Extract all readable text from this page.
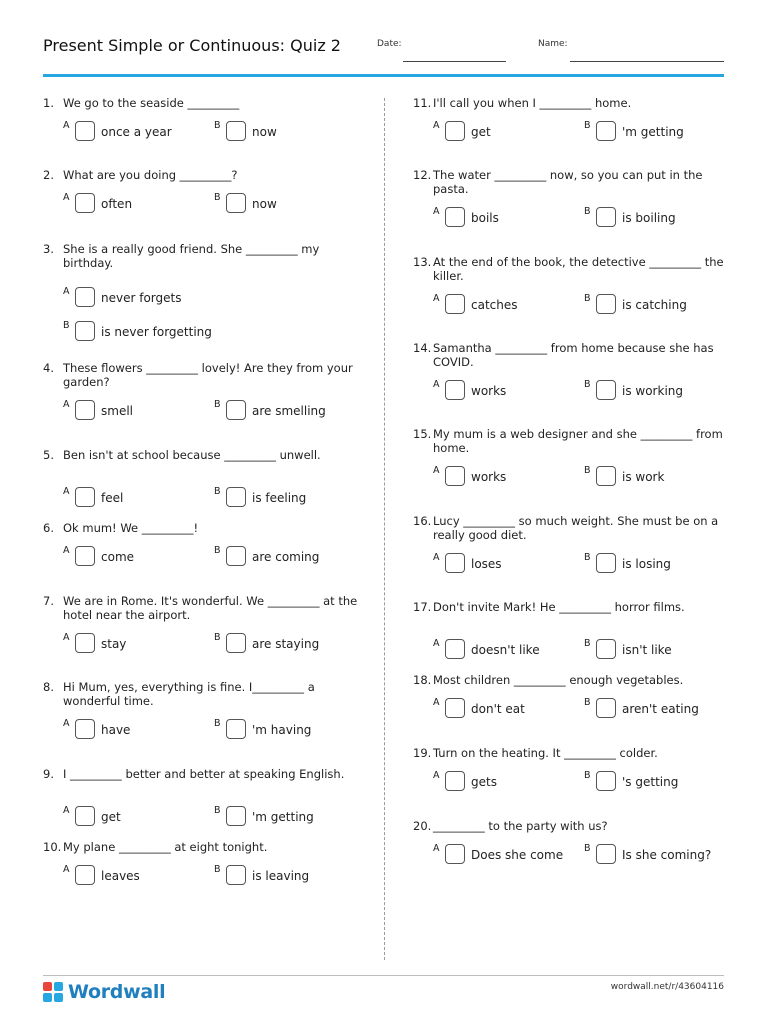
Present Simple or Continuous: Quiz 2	Date:	Name:
1. We go to the seaside _________
A	once a year	B	now
2. What are you doing _________?
A	often	B	now
3. She is a really good friend. She _________ my birthday.
A	never forgets
B	is never forgetting
4. These flowers _________ lovely! Are they from your garden?
A	smell	B	are smelling
5. Ben isn't at school because _________ unwell.
A	feel	B	is feeling
6. Ok mum! We _________!
A	come	B	are coming
7. We are in Rome. It's wonderful. We _________ at the hotel near the airport.
A	stay	B	are staying
8. Hi Mum, yes, everything is fine. I_________ a wonderful time.
A	have	B	'm having
9. I _________ better and better at speaking English.
A	get	B	'm getting
10. My plane _________ at eight tonight.
A	leaves	B	is leaving
11. I'll call you when I _________ home.
A	get	B	'm getting
12. The water _________ now, so you can put in the pasta.
A	boils	B	is boiling
13. At the end of the book, the detective _________ the killer.
A	catches	B	is catching
14. Samantha _________ from home because she has COVID.
A	works	B	is working
15. My mum is a web designer and she _________ from home.
A	works	B	is work
16. Lucy _________ so much weight. She must be on a really good diet.
A	loses	B	is losing
17. Don't invite Mark! He _________ horror films.
A	doesn't like	B	isn't like
18. Most children _________ enough vegetables.
A	don't eat	B	aren't eating
19. Turn on the heating. It _________ colder.
A	gets	B	's getting
20. _________ to the party with us?
A	Does she come B	Is she coming?
Wordwall	wordwall.net/r/43604116
